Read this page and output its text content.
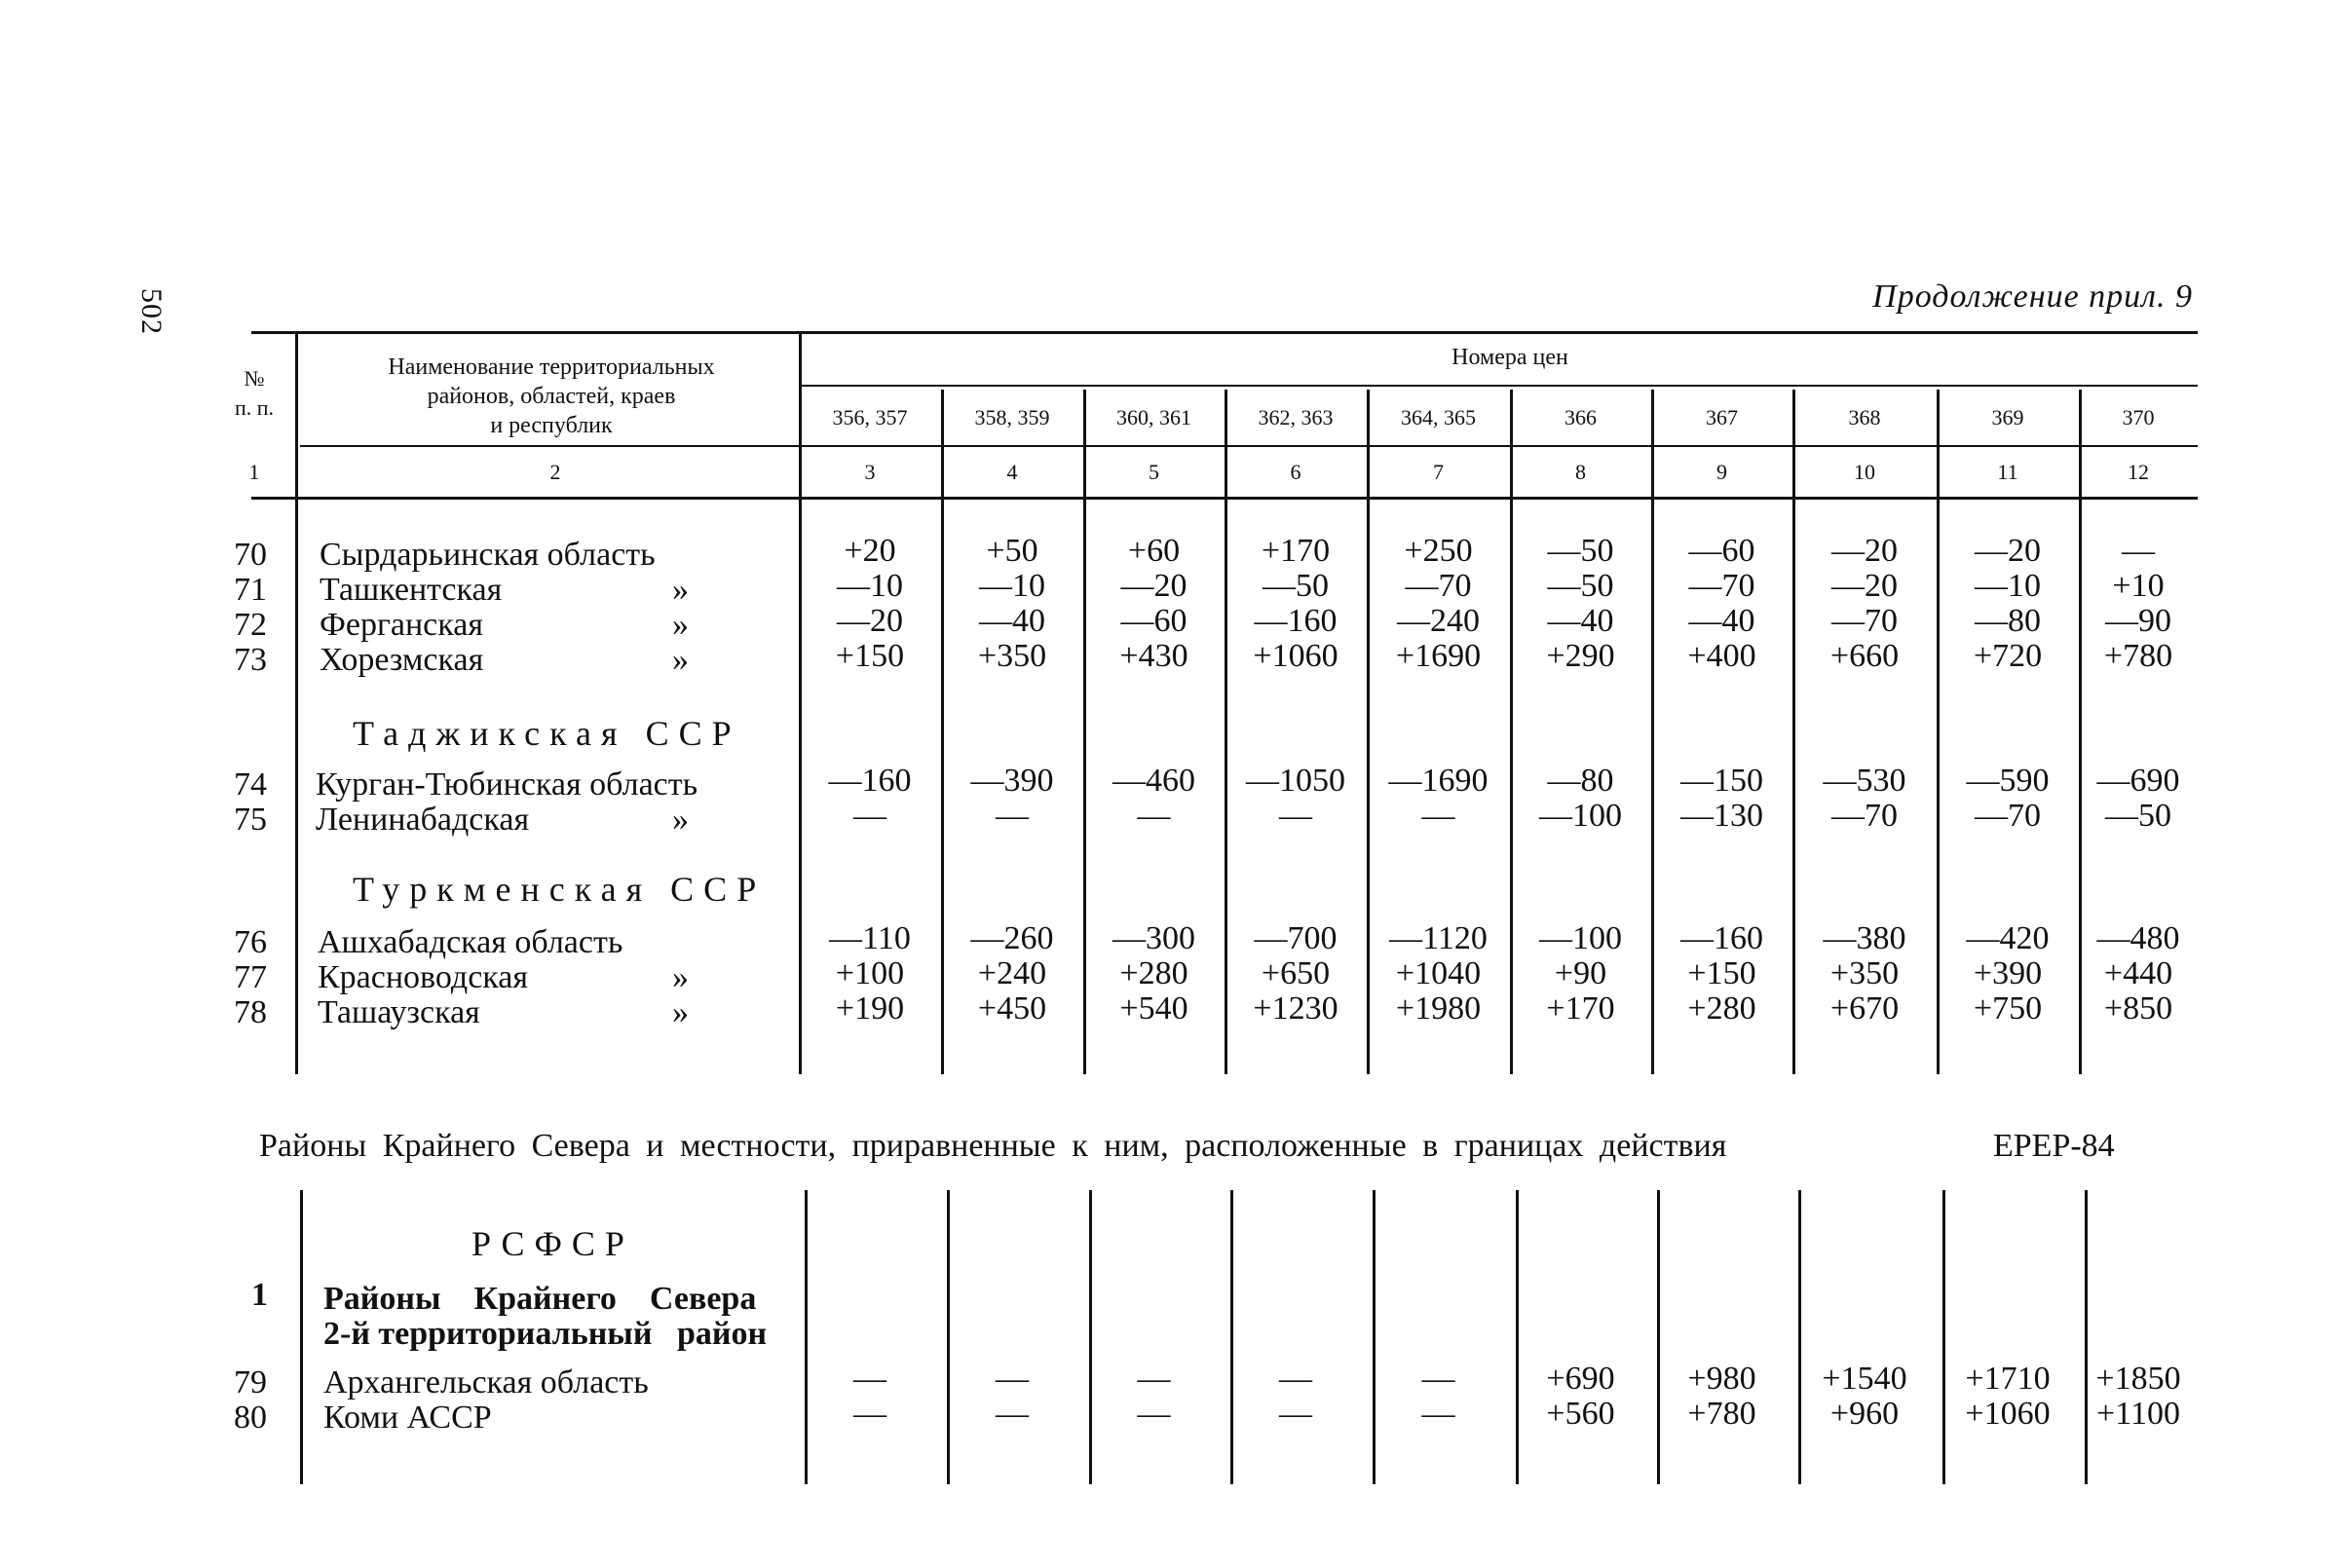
502	Продолжение прил. 9
№
п. п.
Наименование территориальных
районов, областей, краев
и республик
Номера цен
356, 357	358, 359	360, 361	362, 363	364, 365	366	367	368	369	370
1	2	3	4	5	6	7	8	9	10	11	12
70 Сырдарьинская область	+20	+50	+60	+170	+250	—50	—60	—20	—20	—
71 Ташкентская	»	—10	—10	—20	—50	—70	—50	—70	—20	—10	+10
72 Ферганская	»	—20	—40	—60	—160	—240	—40	—40	—70	—80	—90
73 Хорезмская	»	+150	+350	+430	+1060	+1690	+290	+400	+660	+720	+780
Таджикская ССР
74 Курган-Тюбинская область	—160	—390	—460	—1050	—1690	—80	—150	—530	—590	—690
75 Ленинабадская	»	—	—	—	—	—	—100	—130	—70	—70	—50
Туркменская ССР
76 Ашхабадская область	—110	—260	—300	—700	—1120	—100	—160	—380	—420	—480
77 Красноводская	»	+100	+240	+280	+650	+1040	+90	+150	+350	+390	+440
78 Ташаузская	»	+190	+450	+540	+1230	+1980	+170	+280	+670	+750	+850
Районы Крайнего Севера и местности, приравненные к ним, расположенные в границах действия	ЕРЕР-84
РСФСР
1 Районы    Крайнего    Севера
2-й территориальный   район
79 Архангельская область	—	—	—	—	—	+690	+980	+1540	+1710	+1850
80 Коми АССР	—	—	—	—	—	+560	+780	+960	+1060	+1100
